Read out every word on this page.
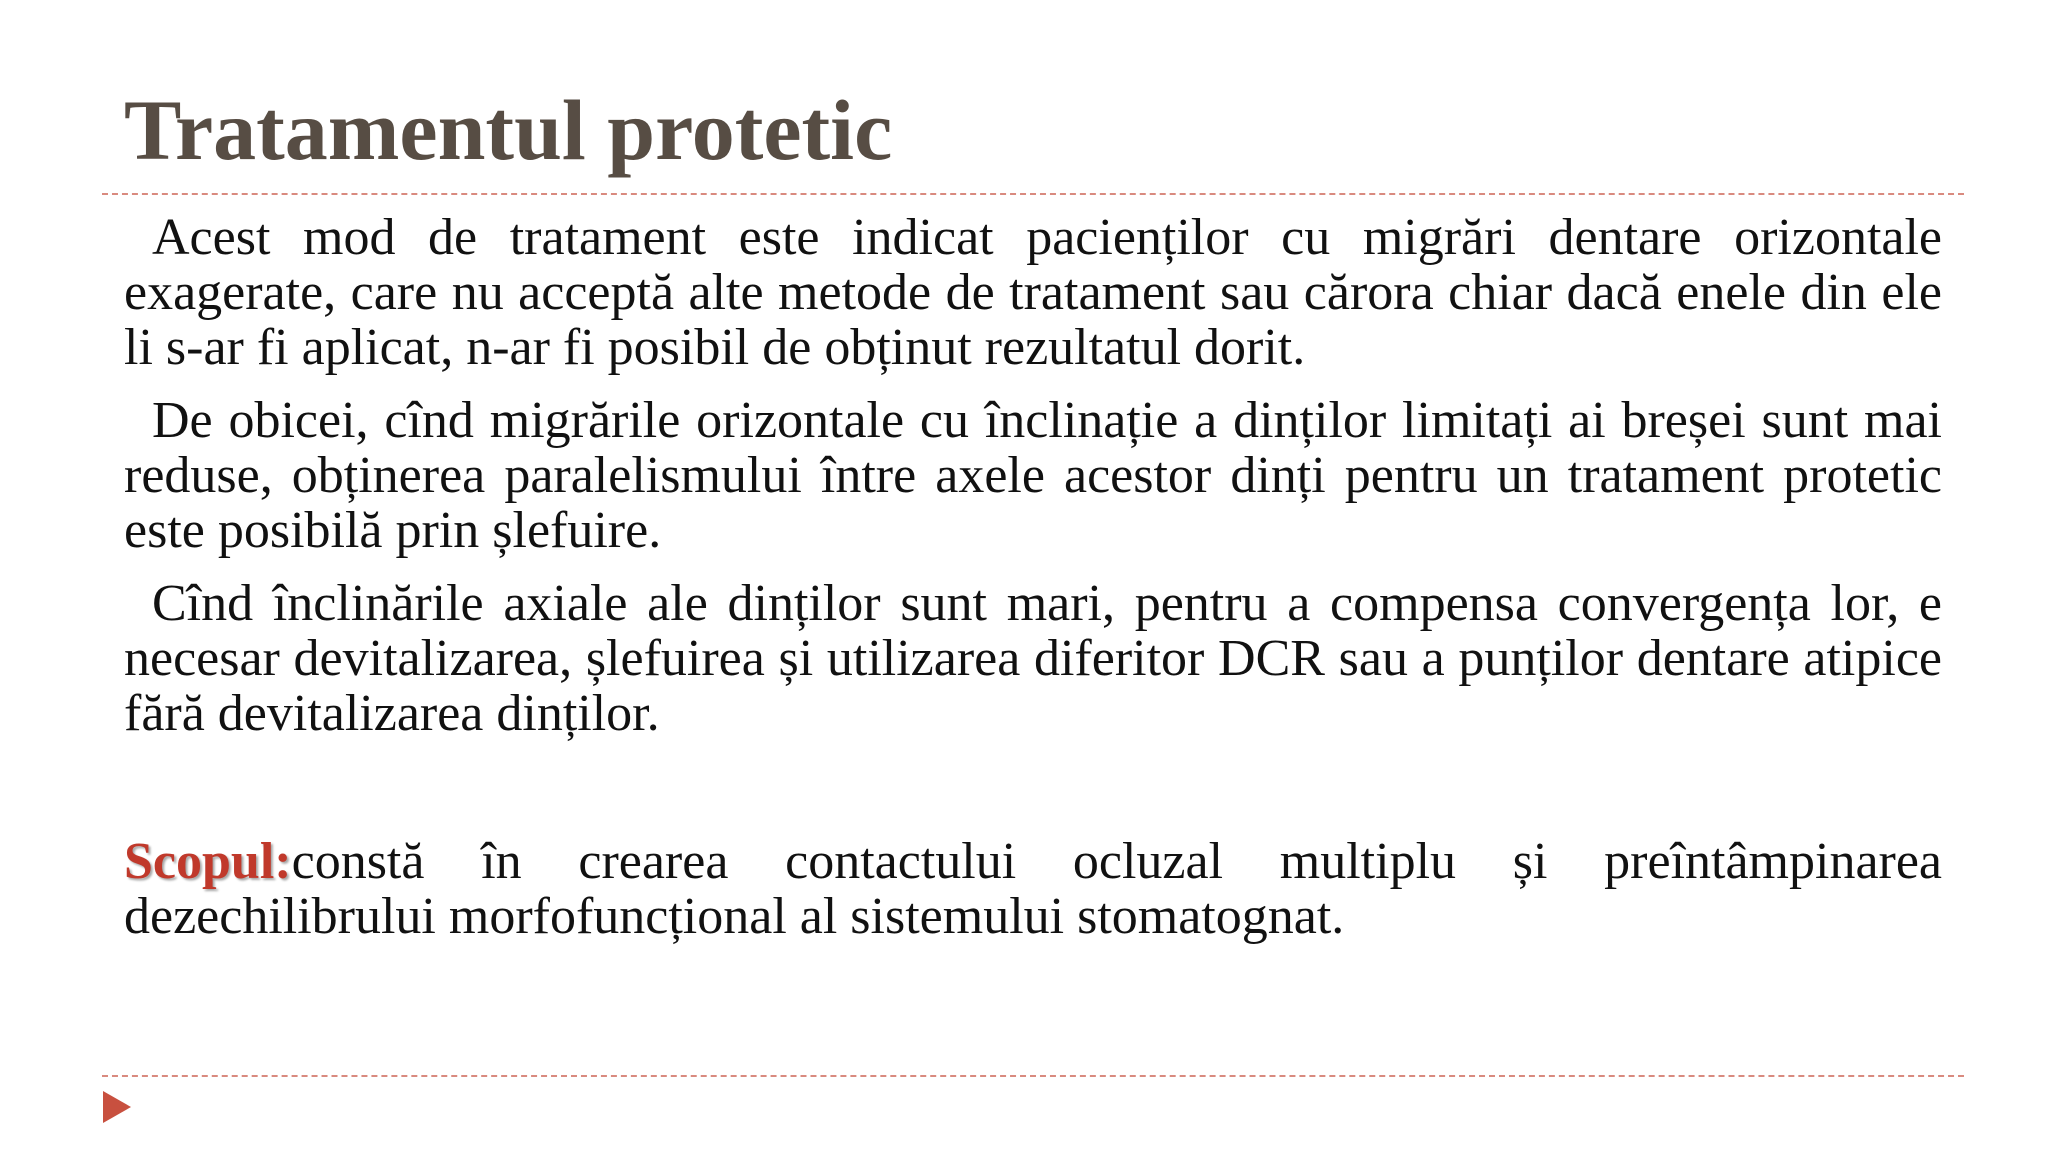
Tratamentul protetic

Acest mod de tratament este indicat pacienților cu migrări dentare orizontale exagerate, care nu acceptă alte metode de tratament sau cărora chiar dacă enele din ele li s-ar fi aplicat, n-ar fi posibil de obținut rezultatul dorit.

De obicei, cînd migrările orizontale cu înclinație a dinților limitați ai breșei sunt mai reduse, obținerea paralelismului între axele acestor dinți pentru un tratament protetic este posibilă prin șlefuire.

Cînd înclinările axiale ale dinților sunt mari, pentru a compensa convergența lor, e necesar devitalizarea, șlefuirea și utilizarea diferitor DCR sau a punților dentare atipice fără devitalizarea dinților.

Scopul:constă în crearea contactului ocluzal multiplu și preîntâmpinarea dezechilibrului morfofuncțional al sistemului stomatognat.
